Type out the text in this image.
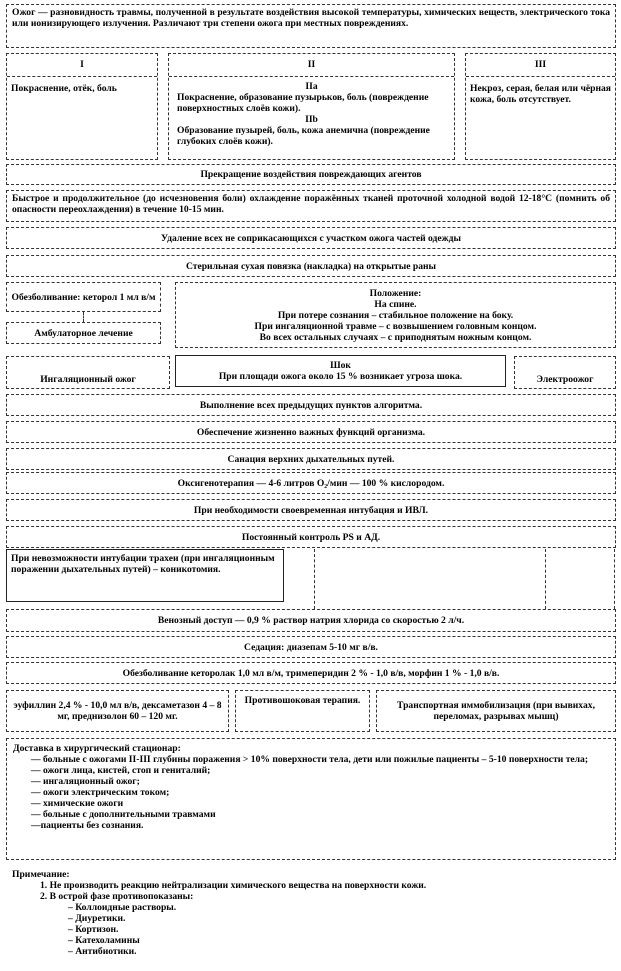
Ожог — разновидность травмы, полученной в результате воздействия высокой температуры, химических веществ, электрического тока или ионизирующего излучения. Различают три степени ожога при местных повреждениях.
I
Покраснение, отёк, боль
II
IIa
Покраснение, образование пузырьков, боль (повреждение поверхностных слоёв кожи).
IIb
Образование пузырей, боль, кожа анемична (повреждение глубоких слоёв кожи).
III
Некроз, серая, белая или чёрная кожа, боль отсутствует.
Прекращение воздействия повреждающих агентов
Быстрое и продолжительное (до исчезновения боли) охлаждение поражённых тканей проточной холодной водой 12-18°С (помнить об опасности переохлаждения) в течение 10-15 мин.
Удаление всех не соприкасающихся с участком ожога частей одежды
Стерильная сухая повязка (накладка) на открытые раны
Обезболивание: кеторол 1 мл в/м
Амбулаторное лечение
Положение:
На спине.
При потере сознания – стабильное положение на боку.
При ингаляционной травме – с возвышением головным концом.
Во всех остальных случаях – с приподнятым ножным концом.
Ингаляционный ожог
Шок
При площади ожога около 15 % возникает угроза шока.	Электроожог
Выполнение всех предыдущих пунктов алгоритма.
Обеспечение жизненно важных функций организма.
Санация верхних дыхательных путей.
Оксигенотерапия — 4-6 литров O₂/мин — 100 % кислородом.
При необходимости своевременная интубация и ИВЛ.
Постоянный контроль PS и АД.
При невозможности интубации трахеи (при ингаляционным поражении дыхательных путей) – коникотомия.
Венозный доступ — 0,9 % раствор натрия хлорида со скоростью 2 л/ч.
Седация: диазепам 5-10 мг в/в.
Обезболивание кеторолак 1,0 мл в/м, тримеперидин 2 % - 1,0 в/в, морфин 1 % - 1,0 в/в.
эуфиллин 2,4 % - 10,0 мл в/в, дексаметазон 4 – 8 мг, преднизолон 60 – 120 мг.
Противошоковая терапия.	Транспортная иммобилизация (при вывихах, переломах, разрывах мышц)
Доставка в хирургический стационар:
— больные с ожогами II-III глубины поражения > 10% поверхности тела, дети или пожилые пациенты – 5-10 поверхности тела;
— ожоги лица, кистей, стоп и гениталий;
— ингаляционный ожог;
— ожоги электрическим током;
— химические ожоги
— больные с дополнительными травмами
—пациенты без сознания.
Примечание:
1. Не производить реакцию нейтрализации химического вещества на поверхности кожи.
2. В острой фазе противопоказаны:
– Коллоидные растворы.
– Диуретики.
– Кортизон.
– Катехоламины
– Антибиотики.
